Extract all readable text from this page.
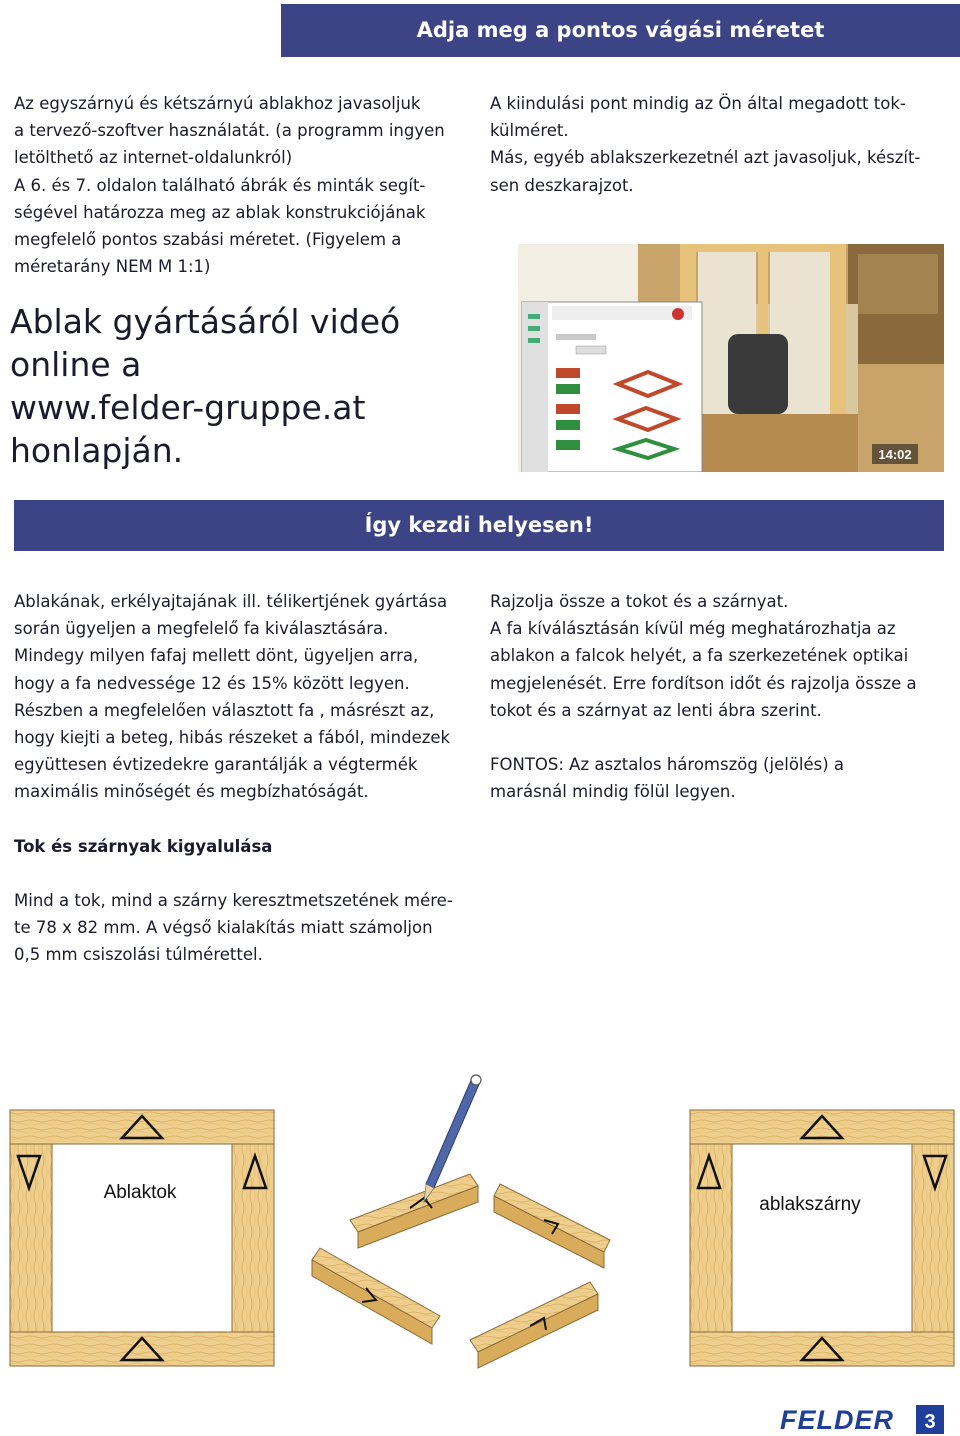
Adja meg a pontos vágási méretet

Az egyszárnyú és kétszárnyú ablakhoz javasoljuk

a tervező-szoftver használatát. (a programm ingyen

letölthető az internet-oldalunkról)

A 6. és 7. oldalon található ábrák és minták segít-

ségével határozza meg az ablak konstrukciójának

megfelelő pontos szabási méretet. (Figyelem a

méretarány NEM M 1:1)

Ablak gyártásáról videó
online a
www.felder-gruppe.at
honlapján.

A kiindulási pont mindig az Ön által megadott tok-

külméret.

Más, egyéb ablakszerkezetnél azt javasoljuk, készít-

sen deszkarajzot.

14:02
Így kezdi helyesen!

Ablakának, erkélyajtajának ill. télikertjének gyártása

során ügyeljen a megfelelő fa kiválasztására.

Mindegy milyen fafaj mellett dönt, ügyeljen arra,

hogy a fa nedvessége 12 és 15% között legyen.

Részben a megfelelően választott fa , másrészt az,

hogy kiejti a beteg, hibás részeket a fából, mindezek

együttesen évtizedekre garantálják a végtermék

maximális minőségét és megbízhatóságát.

Rajzolja össze a tokot és a szárnyat.

A fa kíválásztásán kívül még meghatározhatja az

ablakon a falcok helyét, a fa szerkezetének optikai

megjelenését. Erre fordítson időt és rajzolja össze a

tokot és a szárnyat az lenti ábra szerint.

FONTOS: Az asztalos háromszög (jelölés) a

marásnál mindig fölül legyen.

Tok és szárnyak kigyalulása

Mind a tok, mind a szárny keresztmetszetének mére-

te 78 x 82 mm. A végső kialakítás miatt számoljon

0,5 mm csiszolási túlmérettel.

Ablaktok
ablakszárny
FELDER 3
